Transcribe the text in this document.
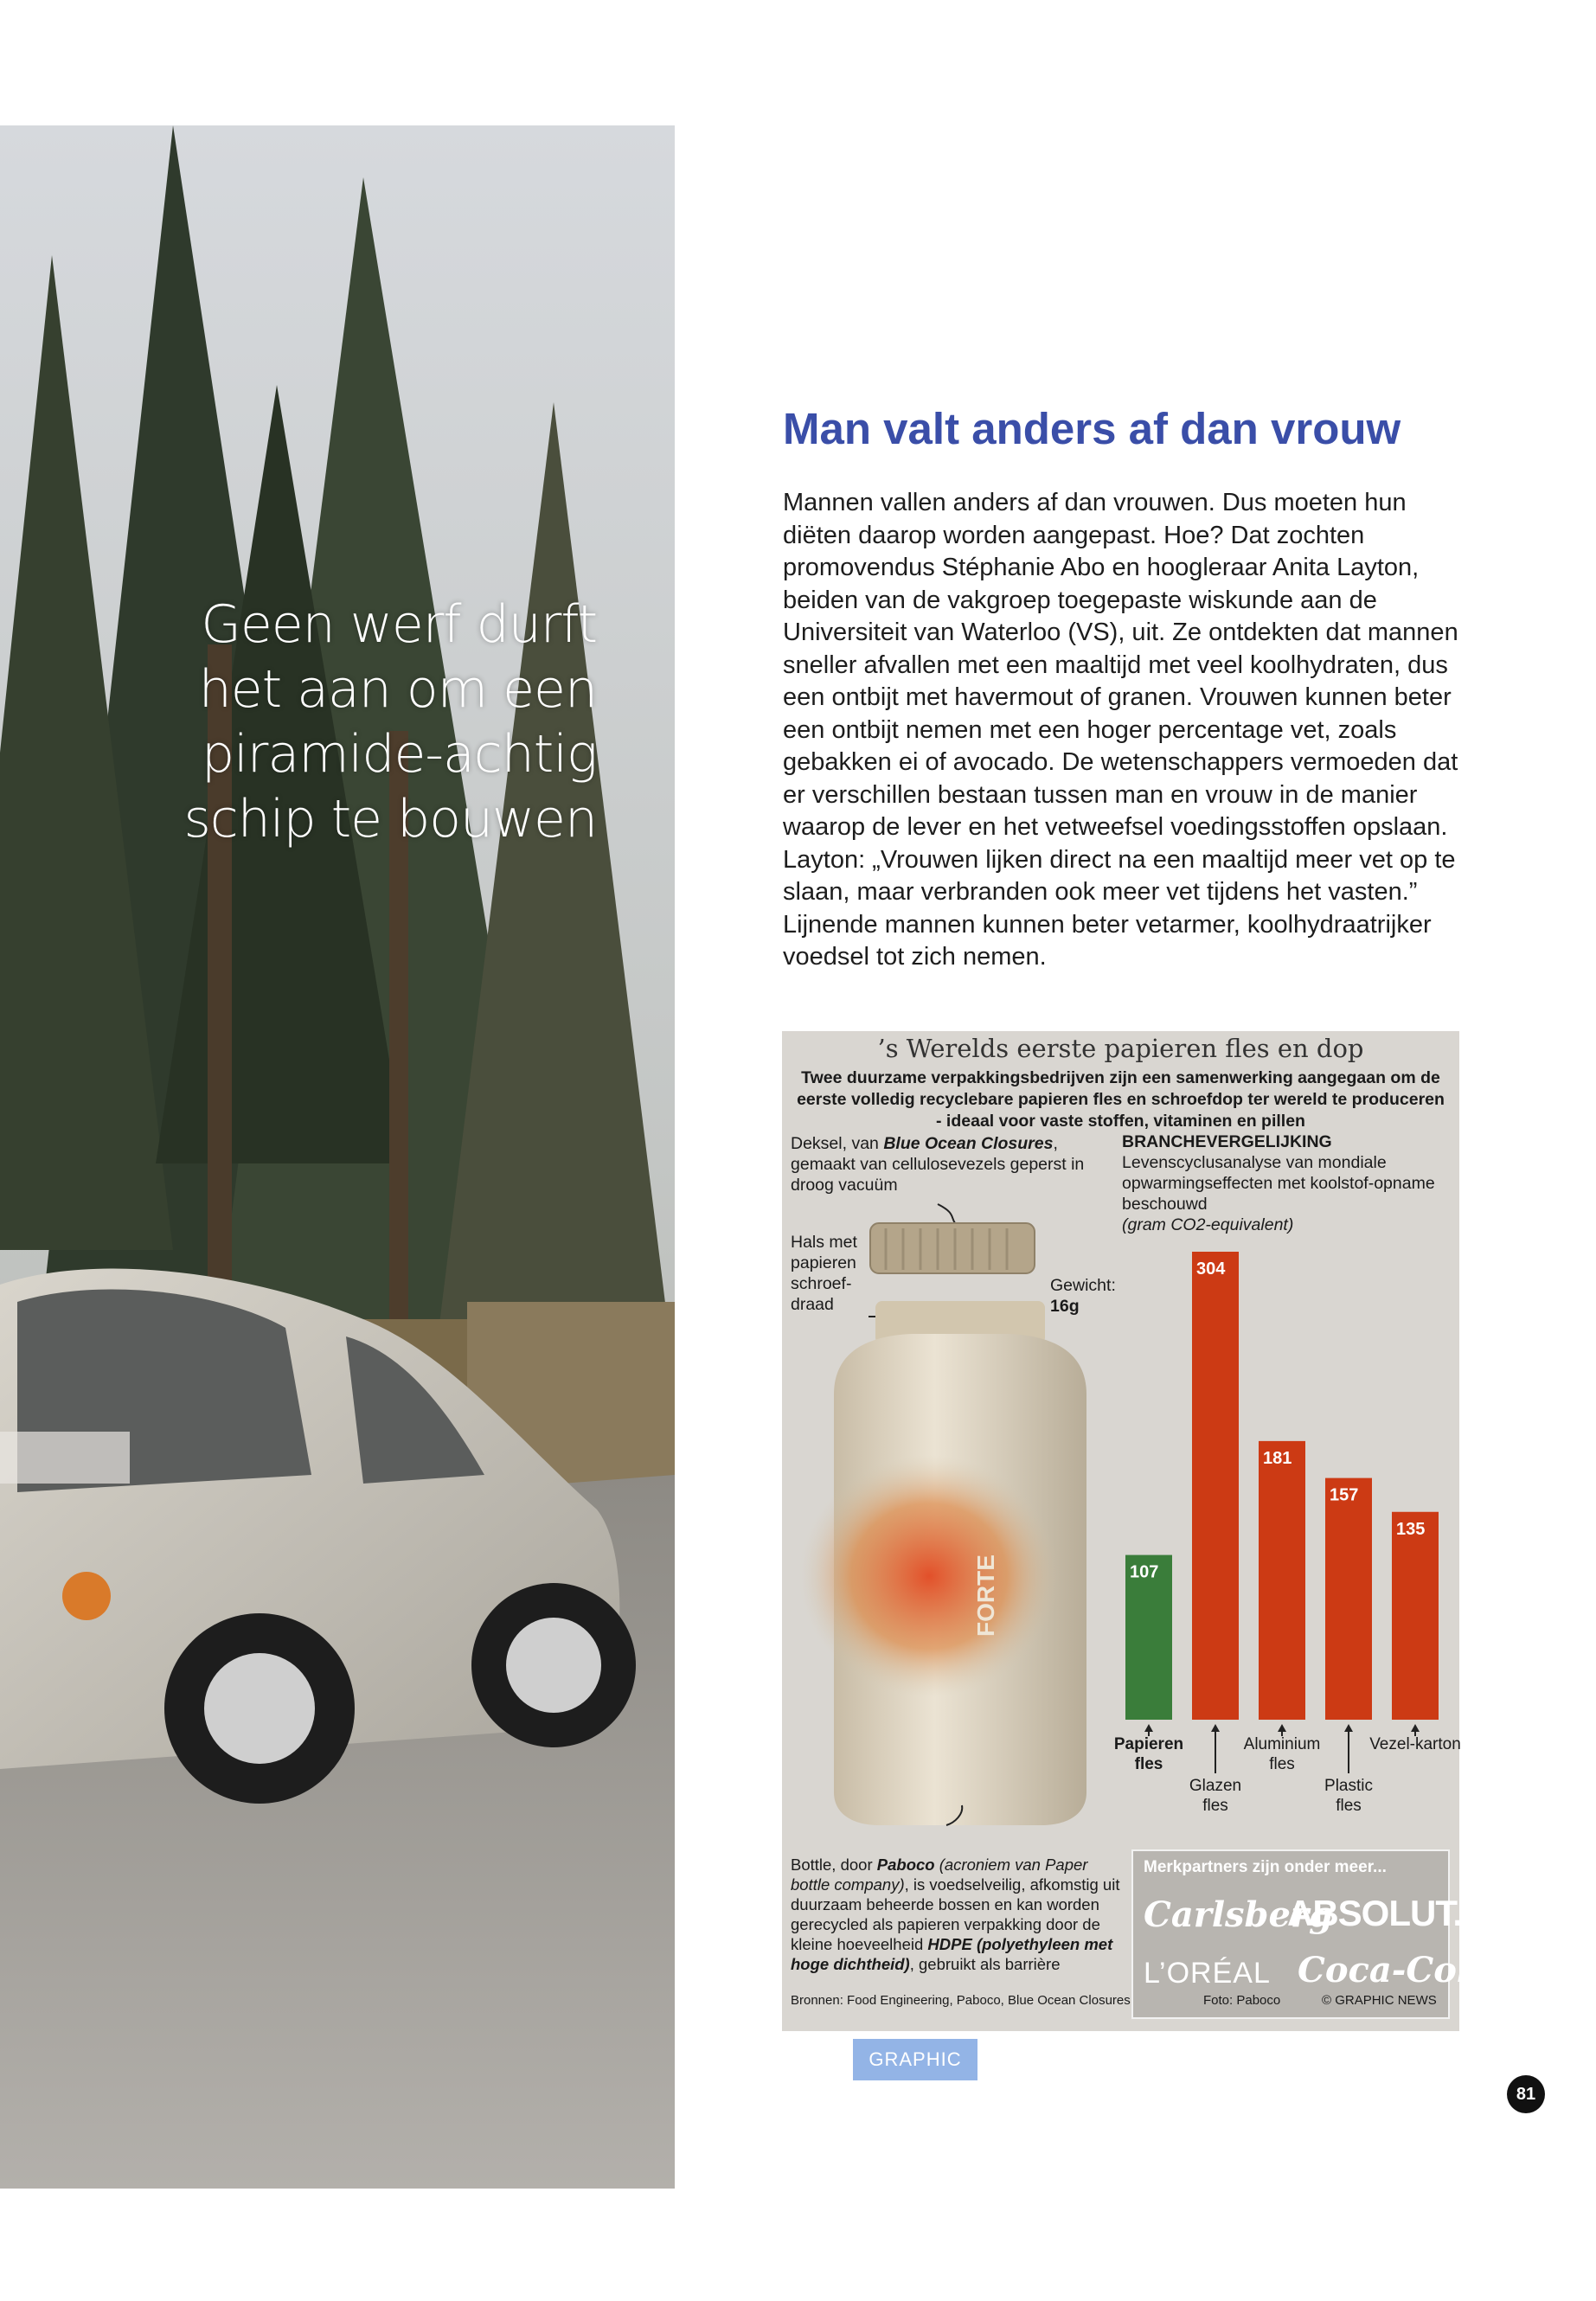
Geen werf durft
het aan om een
piramide-achtig
schip te bouwen
Man valt anders af dan vrouw

Mannen vallen anders af dan vrouwen. Dus moeten hun diëten daarop worden aangepast. Hoe? Dat zochten promovendus Stéphanie Abo en hoogleraar Anita Layton, beiden van de vakgroep toegepaste wiskunde aan de Universiteit van Waterloo (VS), uit. Ze ontdekten dat mannen sneller afvallen met een maaltijd met veel koolhydraten, dus een ontbijt met havermout of granen. Vrouwen kunnen beter een ontbijt nemen met een hoger percentage vet, zoals gebakken ei of avocado. De wetenschappers vermoeden dat er verschillen bestaan tussen man en vrouw in de manier waarop de lever en het vetweefsel voedingsstoffen opslaan. Layton: „Vrouwen lijken direct na een maaltijd meer vet op te slaan, maar verbranden ook meer vet tijdens het vasten.” Lijnende mannen kunnen beter vetarmer, koolhydraatrijker voedsel tot zich nemen.

’s Werelds eerste papieren fles en dop
Twee duurzame verpakkingsbedrijven zijn een samenwerking aangegaan om de eerste volledig recyclebare papieren fles en schroefdop ter wereld te produceren - ideaal voor vaste stoffen, vitaminen en pillen
Deksel, van Blue Ocean Closures, gemaakt van cellulosevezels geperst in droog vacuüm
Hals met papieren schroef-draad
Gewicht:
16g
FORTE
BRANCHEVERGELIJKING
Levenscyclusanalyse van mondiale opwarmingseffecten met koolstof-opname beschouwd
(gram CO2-equivalent)
107
Papieren fles
304
Glazen fles
181
Aluminium fles
157
Plastic fles
135
Vezel-karton
Bottle, door Paboco (acroniem van Paper bottle company), is voedselveilig, afkomstig uit duurzaam beheerde bossen en kan worden gerecycled als papieren verpakking door de kleine hoeveelheid HDPE (polyethyleen met hoge dichtheid), gebruikt als barrière
Merkpartners zijn onder meer...
Carlsberg
ABSOLUT.
L’ORÉAL Coca-Cola
Bronnen: Food Engineering, Paboco, Blue Ocean Closures	Foto: Paboco	© GRAPHIC NEWS
GRAPHIC
81
